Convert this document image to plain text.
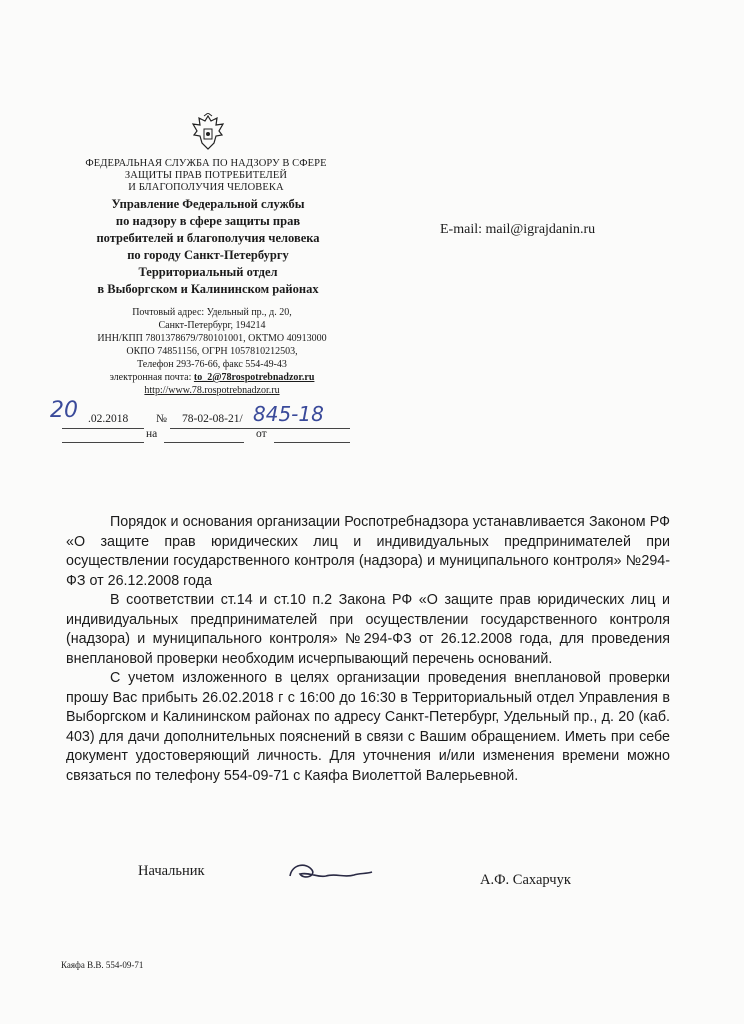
ФЕДЕРАЛЬНАЯ СЛУЖБА ПО НАДЗОРУ В СФЕРЕ
ЗАЩИТЫ ПРАВ ПОТРЕБИТЕЛЕЙ
И БЛАГОПОЛУЧИЯ ЧЕЛОВЕКА
Управление Федеральной службы
по надзору в сфере защиты прав
потребителей и благополучия человека
по городу Санкт-Петербургу
Территориальный отдел
в Выборгском и Калининском районах
Почтовый адрес: Удельный пр., д. 20,
Санкт-Петербург, 194214
ИНН/КПП 7801378679/780101001, ОКТМО 40913000
ОКПО 74851156, ОГРН 1057810212503,
Телефон 293-76-66, факс 554-49-43
электронная почта: to_2@78rospotrebnadzor.ru
http://www.78.rospotrebnadzor.ru
E-mail: mail@igrajdanin.ru
20 .02.2018 № 78-02-08-21/ 845-18
на	от

Порядок и основания организации Роспотребнадзора устанавливается Законом РФ «О защите прав юридических лиц и индивидуальных предпринимателей при осуществлении государственного контроля (надзора) и муниципального контроля» №294-ФЗ от 26.12.2008 года

В соответствии ст.14 и ст.10 п.2 Закона РФ «О защите прав юридических лиц и индивидуальных предпринимателей при осуществлении государственного контроля (надзора) и муниципального контроля» №294-ФЗ от 26.12.2008 года, для проведения внеплановой проверки необходим исчерпывающий перечень оснований.

С учетом изложенного в целях организации проведения внеплановой проверки прошу Вас прибыть 26.02.2018 г с 16:00 до 16:30 в Территориальный отдел Управления в Выборгском и Калининском районах по адресу Санкт-Петербург, Удельный пр., д. 20 (каб. 403) для дачи дополнительных пояснений в связи с Вашим обращением. Иметь при себе документ удостоверяющий личность. Для уточнения и/или изменения времени можно связаться по телефону 554-09-71 с Каяфа Виолеттой Валерьевной.

Начальник
А.Ф. Сахарчук
Каяфа В.В. 554-09-71
